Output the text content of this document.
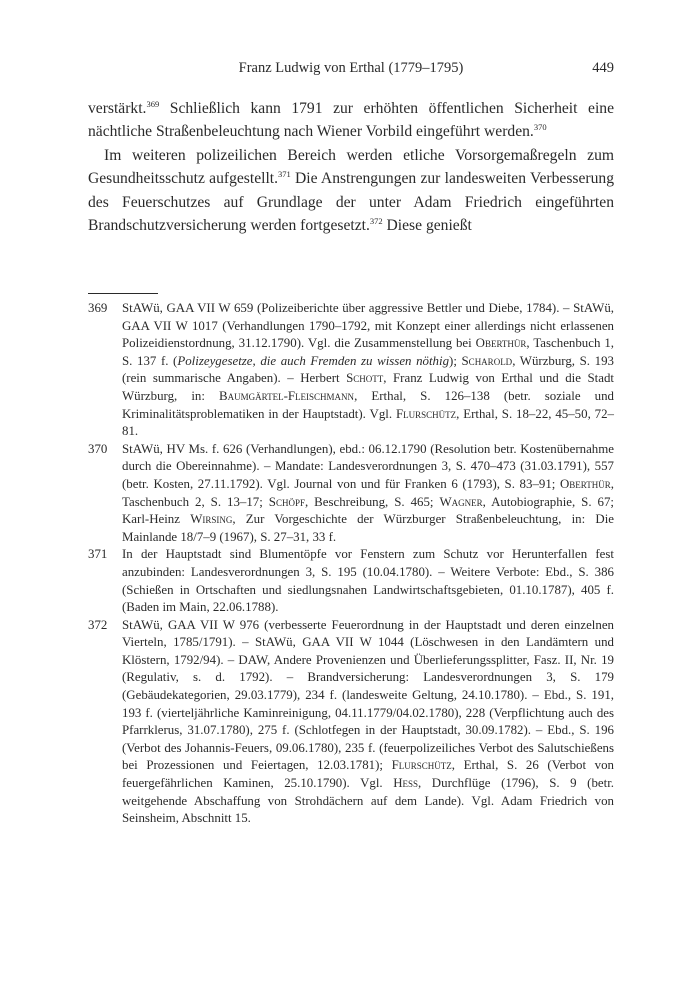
Franz Ludwig von Erthal (1779–1795)	449

verstärkt.$^{369}$ Schließlich kann 1791 zur erhöhten öffentlichen Sicherheit eine nächtliche Straßenbeleuchtung nach Wiener Vorbild eingeführt werden.$^{370}$

Im weiteren polizeilichen Bereich werden etliche Vorsorgemaßregeln zum Gesundheitsschutz aufgestellt.$^{371}$ Die Anstrengungen zur landesweiten Verbesserung des Feuerschutzes auf Grundlage der unter Adam Friedrich eingeführten Brandschutzversicherung werden fortgesetzt.$^{372}$ Diese genießt

369 StAWü, GAA VII W 659 (Polizeiberichte über aggressive Bettler und Diebe, 1784). – StAWü, GAA VII W 1017 (Verhandlungen 1790–1792, mit Konzept einer allerdings nicht erlassenen Polizeidienstordnung, 31.12.1790). Vgl. die Zusammenstellung bei Oberthür, Taschenbuch 1, S. 137 f. (Polizeygesetze, die auch Fremden zu wissen nöthig); Scharold, Würzburg, S. 193 (rein summarische Angaben). – Herbert Schott, Franz Ludwig von Erthal und die Stadt Würzburg, in: Baumgärtel-Fleischmann, Erthal, S. 126–138 (betr. soziale und Kriminalitätsproblematiken in der Hauptstadt). Vgl. Flurschütz, Erthal, S. 18–22, 45–50, 72–81.

370 StAWü, HV Ms. f. 626 (Verhandlungen), ebd.: 06.12.1790 (Resolution betr. Kostenübernahme durch die Obereinnahme). – Mandate: Landesverordnungen 3, S. 470–473 (31.03.1791), 557 (betr. Kosten, 27.11.1792). Vgl. Journal von und für Franken 6 (1793), S. 83–91; Oberthür, Taschenbuch 2, S. 13–17; Schöpf, Beschreibung, S. 465; Wagner, Autobiographie, S. 67; Karl-Heinz Wirsing, Zur Vorgeschichte der Würzburger Straßenbeleuchtung, in: Die Mainlande 18/7–9 (1967), S. 27–31, 33 f.

371 In der Hauptstadt sind Blumentöpfe vor Fenstern zum Schutz vor Herunterfallen fest anzubinden: Landesverordnungen 3, S. 195 (10.04.1780). – Weitere Verbote: Ebd., S. 386 (Schießen in Ortschaften und siedlungsnahen Landwirtschaftsgebieten, 01.10.1787), 405 f. (Baden im Main, 22.06.1788).

372 StAWü, GAA VII W 976 (verbesserte Feuerordnung in der Hauptstadt und deren einzelnen Vierteln, 1785/1791). – StAWü, GAA VII W 1044 (Löschwesen in den Landämtern und Klöstern, 1792/94). – DAW, Andere Provenienzen und Überlieferungssplitter, Fasz. II, Nr. 19 (Regulativ, s. d. 1792). – Brandversicherung: Landesverordnungen 3, S. 179 (Gebäudekategorien, 29.03.1779), 234 f. (landesweite Geltung, 24.10.1780). – Ebd., S. 191, 193 f. (vierteljährliche Kaminreinigung, 04.11.1779/04.02.1780), 228 (Verpflichtung auch des Pfarrklerus, 31.07.1780), 275 f. (Schlotfegen in der Hauptstadt, 30.09.1782). – Ebd., S. 196 (Verbot des Johannis-Feuers, 09.06.1780), 235 f. (feuerpolizeiliches Verbot des Salutschießens bei Prozessionen und Feiertagen, 12.03.1781); Flurschütz, Erthal, S. 26 (Verbot von feuergefährlichen Kaminen, 25.10.1790). Vgl. Hess, Durchflüge (1796), S. 9 (betr. weitgehende Abschaffung von Strohdächern auf dem Lande). Vgl. Adam Friedrich von Seinsheim, Abschnitt 15.
